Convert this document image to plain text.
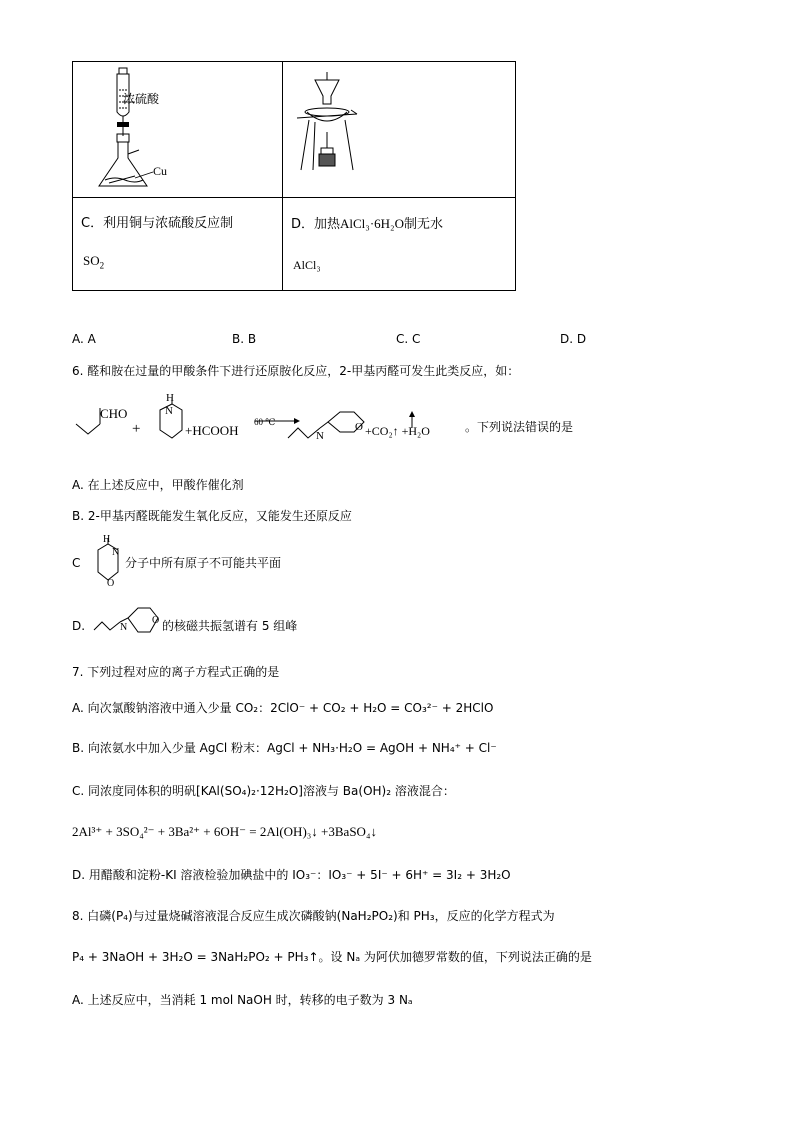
浓硫酸
Cu
C．利用铜与浓硫酸反应制
$SO_2$
D．加热AlCl₃·6H₂O制无水
AlCl₃
A. A	B. B	C. C	D. D
6. 醛和胺在过量的甲酸条件下进行还原胺化反应，2-甲基丙醛可发生此类反应，如：
CHO
+
H
N
+HCOOH
60 ℃
N
O +CO₂↑ +H₂O	。下列说法错误的是
A. 在上述反应中，甲酸作催化剂
B. 2-甲基丙醛既能发生氧化反应，又能发生还原反应
C
H
N
O
分子中所有原子不可能共平面
D.	N
O 的核磁共振氢谱有 5 组峰
7. 下列过程对应的离子方程式正确的是
A. 向次氯酸钠溶液中通入少量 CO₂：2ClO⁻ + CO₂ + H₂O = CO₃²⁻ + 2HClO
B. 向浓氨水中加入少量 AgCl 粉末：AgCl + NH₃·H₂O = AgOH + NH₄⁺ + Cl⁻
C. 同浓度同体积的明矾[KAl(SO₄)₂·12H₂O]溶液与 Ba(OH)₂ 溶液混合：
2Al³⁺ + 3SO₄²⁻ + 3Ba²⁺ + 6OH⁻ = 2Al(OH)₃↓ +3BaSO₄↓
D. 用醋酸和淀粉-KI 溶液检验加碘盐中的 IO₃⁻：IO₃⁻ + 5I⁻ + 6H⁺ = 3I₂ + 3H₂O
8. 白磷(P₄)与过量烧碱溶液混合反应生成次磷酸钠(NaH₂PO₂)和 PH₃，反应的化学方程式为
P₄ + 3NaOH + 3H₂O = 3NaH₂PO₂ + PH₃↑。设 Nₐ 为阿伏加德罗常数的值，下列说法正确的是
A. 上述反应中，当消耗 1 mol NaOH 时，转移的电子数为 3 Nₐ
